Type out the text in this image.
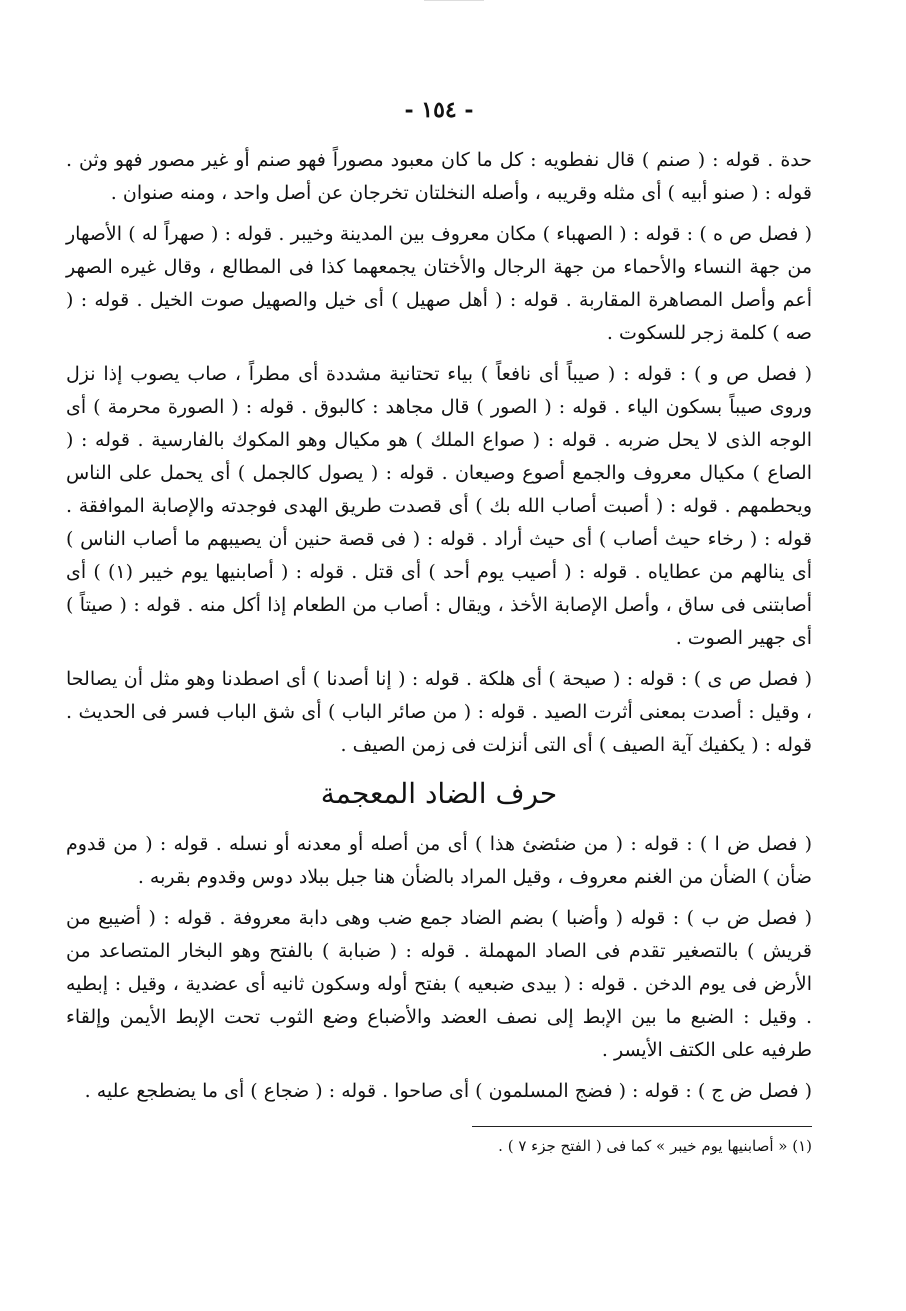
- ١٥٤ -

حدة . قوله : ( صنم ) قال نفطويه : كل ما كان معبود مصوراً فهو صنم أو غير مصور فهو وثن . قوله : ( صنو أبيه ) أى مثله وقريبه ، وأصله النخلتان تخرجان عن أصل واحد ، ومنه صنوان .

( فصل ص ه ) : قوله : ( الصهباء ) مكان معروف بين المدينة وخيبر . قوله : ( صهراً له ) الأصهار من جهة النساء والأحماء من جهة الرجال والأختان يجمعهما كذا فى المطالع ، وقال غيره الصهر أعم وأصل المصاهرة المقاربة . قوله : ( أهل صهيل ) أى خيل والصهيل صوت الخيل . قوله : ( صه ) كلمة زجر للسكوت .

( فصل ص و ) : قوله : ( صيباً أى نافعاً ) بياء تحتانية مشددة أى مطراً ، صاب يصوب إذا نزل وروى صيباً بسكون الياء . قوله : ( الصور ) قال مجاهد : كالبوق . قوله : ( الصورة محرمة ) أى الوجه الذى لا يحل ضربه . قوله : ( صواع الملك ) هو مكيال وهو المكوك بالفارسية . قوله : ( الصاع ) مكيال معروف والجمع أصوع وصيعان . قوله : ( يصول كالجمل ) أى يحمل على الناس ويحطمهم . قوله : ( أصبت أصاب الله بك ) أى قصدت طريق الهدى فوجدته والإصابة الموافقة . قوله : ( رخاء حيث أصاب ) أى حيث أراد . قوله : ( فى قصة حنين أن يصيبهم ما أصاب الناس ) أى ينالهم من عطاياه . قوله : ( أصيب يوم أحد ) أى قتل . قوله : ( أصابنيها يوم خيبر (١) ) أى أصابتنى فى ساق ، وأصل الإصابة الأخذ ، ويقال : أصاب من الطعام إذا أكل منه . قوله : ( صيتاً ) أى جهير الصوت .

( فصل ص ى ) : قوله : ( صيحة ) أى هلكة . قوله : ( إنا أصدنا ) أى اصطدنا وهو مثل أن يصالحا ، وقيل : أصدت بمعنى أثرت الصيد . قوله : ( من صائر الباب ) أى شق الباب فسر فى الحديث . قوله : ( يكفيك آية الصيف ) أى التى أنزلت فى زمن الصيف .

حرف الضاد المعجمة

( فصل ض ا ) : قوله : ( من ضئضئ هذا ) أى من أصله أو معدنه أو نسله . قوله : ( من قدوم ضأن ) الضأن من الغنم معروف ، وقيل المراد بالضأن هنا جبل ببلاد دوس وقدوم بقربه .

( فصل ض ب ) : قوله ( وأضبا ) بضم الضاد جمع ضب وهى دابة معروفة . قوله : ( أضيبع من قريش ) بالتصغير تقدم فى الصاد المهملة . قوله : ( ضبابة ) بالفتح وهو البخار المتصاعد من الأرض فى يوم الدخن . قوله : ( بيدى ضبعيه ) بفتح أوله وسكون ثانيه أى عضدية ، وقيل : إبطيه . وقيل : الضبع ما بين الإبط إلى نصف العضد والأضباع وضع الثوب تحت الإبط الأيمن وإلقاء طرفيه على الكتف الأيسر .

( فصل ض ج ) : قوله : ( فضج المسلمون ) أى صاحوا . قوله : ( ضجاع ) أى ما يضطجع عليه .

(١) « أصابنيها يوم خيبر » كما فى ( الفتح جزء ٧ ) .
